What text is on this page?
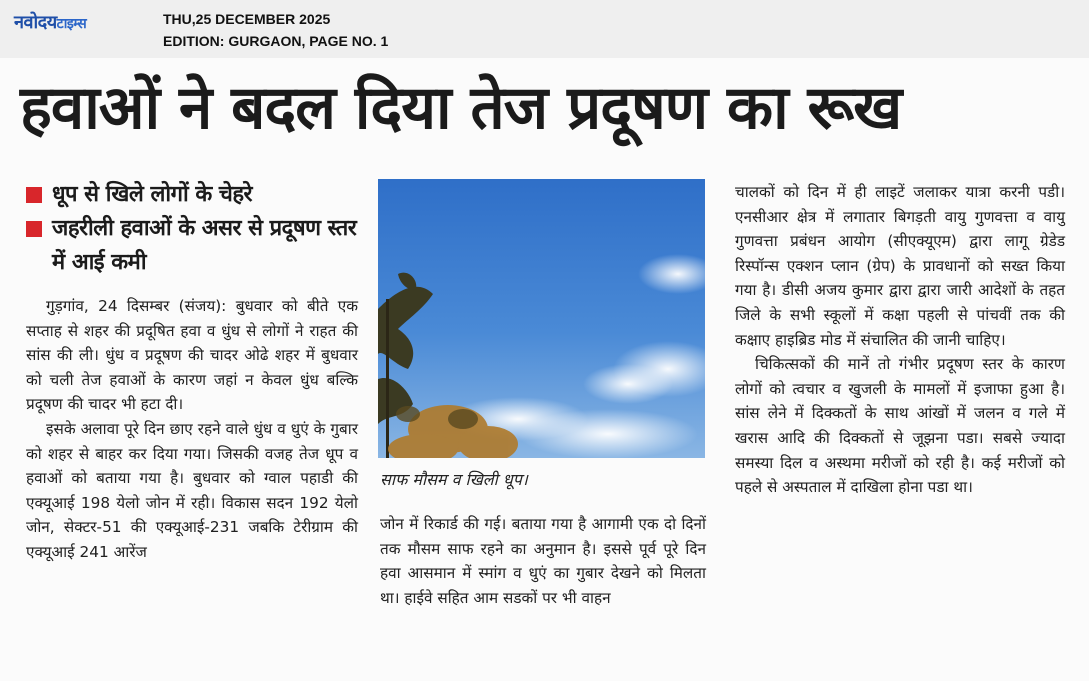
नवोदयटाइम्स	THU,25 DECEMBER 2025
EDITION: GURGAON, PAGE NO. 1
हवाओं ने बदल दिया तेज प्रदूषण का रूख
धूप से खिले लोगों के चेहरे
जहरीली हवाओं के असर से प्रदूषण स्तर में आई कमी

गुड़गांव, 24 दिसम्बर (संजय): बुधवार को बीते एक सप्ताह से शहर की प्रदूषित हवा व धुंध से लोगों ने राहत की सांस की ली। धुंध व प्रदूषण की चादर ओढे शहर में बुधवार को चली तेज हवाओं के कारण जहां न केवल धुंध बल्कि प्रदूषण की चादर भी हटा दी।

इसके अलावा पूरे दिन छाए रहने वाले धुंध व धुएं के गुबार को शहर से बाहर कर दिया गया। जिसकी वजह तेज धूप व हवाओं को बताया गया है। बुधवार को ग्वाल पहाडी की एक्यूआई 198 येलो जोन में रही। विकास सदन 192 येलो जोन, सेक्टर-51 की एक्यूआई-231 जबकि टेरीग्राम की एक्यूआई 241 आरेंज

साफ मौसम व खिली धूप।

जोन में रिकार्ड की गई। बताया गया है आगामी एक दो दिनों तक मौसम साफ रहने का अनुमान है। इससे पूर्व पूरे दिन हवा आसमान में स्मांग व धुएं का गुबार देखने को मिलता था। हाईवे सहित आम सडकों पर भी वाहन

चालकों को दिन में ही लाइटें जलाकर यात्रा करनी पडी।एनसीआर क्षेत्र में लगातार बिगड़ती वायु गुणवत्ता व वायु गुणवत्ता प्रबंधन आयोग (सीएक्यूएम) द्वारा लागू ग्रेडेड रिस्पॉन्स एक्शन प्लान (ग्रेप) के प्रावधानों को सख्त किया गया है। डीसी अजय कुमार द्वारा द्वारा जारी आदेशों के तहत जिले के सभी स्कूलों में कक्षा पहली से पांचवीं तक की कक्षाए हाइब्रिड मोड में संचालित की जानी चाहिए।

चिकित्सकों की मानें तो गंभीर प्रदूषण स्तर के कारण लोगों को त्वचार व खुजली के मामलों में इजाफा हुआ है। सांस लेने में दिक्कतों के साथ आंखों में जलन व गले में खरास आदि की दिक्कतों से जूझना पडा। सबसे ज्यादा समस्या दिल व अस्थमा मरीजों को रही है। कई मरीजों को पहले से अस्पताल में दाखिला होना पडा था।
